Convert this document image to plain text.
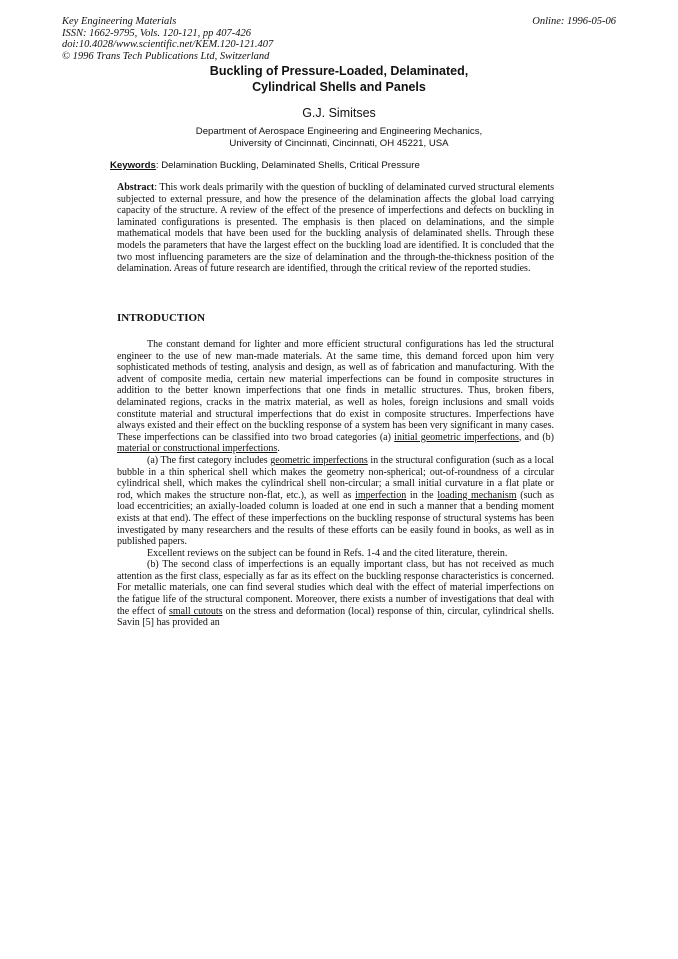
Key Engineering Materials
ISSN: 1662-9795, Vols. 120-121, pp 407-426
doi:10.4028/www.scientific.net/KEM.120-121.407
© 1996 Trans Tech Publications Ltd, Switzerland
Online: 1996-05-06
Buckling of Pressure-Loaded, Delaminated,
Cylindrical Shells and Panels
G.J. Simitses
Department of Aerospace Engineering and Engineering Mechanics,
University of Cincinnati, Cincinnati, OH 45221, USA
Keywords: Delamination Buckling, Delaminated Shells, Critical Pressure
Abstract: This work deals primarily with the question of buckling of delaminated curved structural elements subjected to external pressure, and how the presence of the delamination affects the global load carrying capacity of the structure. A review of the effect of the presence of imperfections and defects on buckling in laminated configurations is presented. The emphasis is then placed on delaminations, and the simple mathematical models that have been used for the buckling analysis of delaminated shells. Through these models the parameters that have the largest effect on the buckling load are identified. It is concluded that the two most influencing parameters are the size of delamination and the through-the-thickness position of the delamination. Areas of future research are identified, through the critical review of the reported studies.
INTRODUCTION

The constant demand for lighter and more efficient structural configurations has led the structural engineer to the use of new man-made materials. At the same time, this demand forced upon him very sophisticated methods of testing, analysis and design, as well as of fabrication and manufacturing. With the advent of composite media, certain new material imperfections can be found in composite structures in addition to the better known imperfections that one finds in metallic structures. Thus, broken fibers, delaminated regions, cracks in the matrix material, as well as holes, foreign inclusions and small voids constitute material and structural imperfections that do exist in composite structures. Imperfections have always existed and their effect on the buckling response of a system has been very significant in many cases. These imperfections can be classified into two broad categories (a) initial geometric imperfections, and (b) material or constructional imperfections.

(a) The first category includes geometric imperfections in the structural configuration (such as a local bubble in a thin spherical shell which makes the geometry non-spherical; out-of-roundness of a circular cylindrical shell, which makes the cylindrical shell non-circular; a small initial curvature in a flat plate or rod, which makes the structure non-flat, etc.), as well as imperfection in the loading mechanism (such as load eccentricities; an axially-loaded column is loaded at one end in such a manner that a bending moment exists at that end). The effect of these imperfections on the buckling response of structural systems has been investigated by many researchers and the results of these efforts can be easily found in books, as well as in published papers.

Excellent reviews on the subject can be found in Refs. 1-4 and the cited literature, therein.

(b) The second class of imperfections is an equally important class, but has not received as much attention as the first class, especially as far as its effect on the buckling response characteristics is concerned. For metallic materials, one can find several studies which deal with the effect of material imperfections on the fatigue life of the structural component. Moreover, there exists a number of investigations that deal with the effect of small cutouts on the stress and deformation (local) response of thin, circular, cylindrical shells. Savin [5] has provided an
